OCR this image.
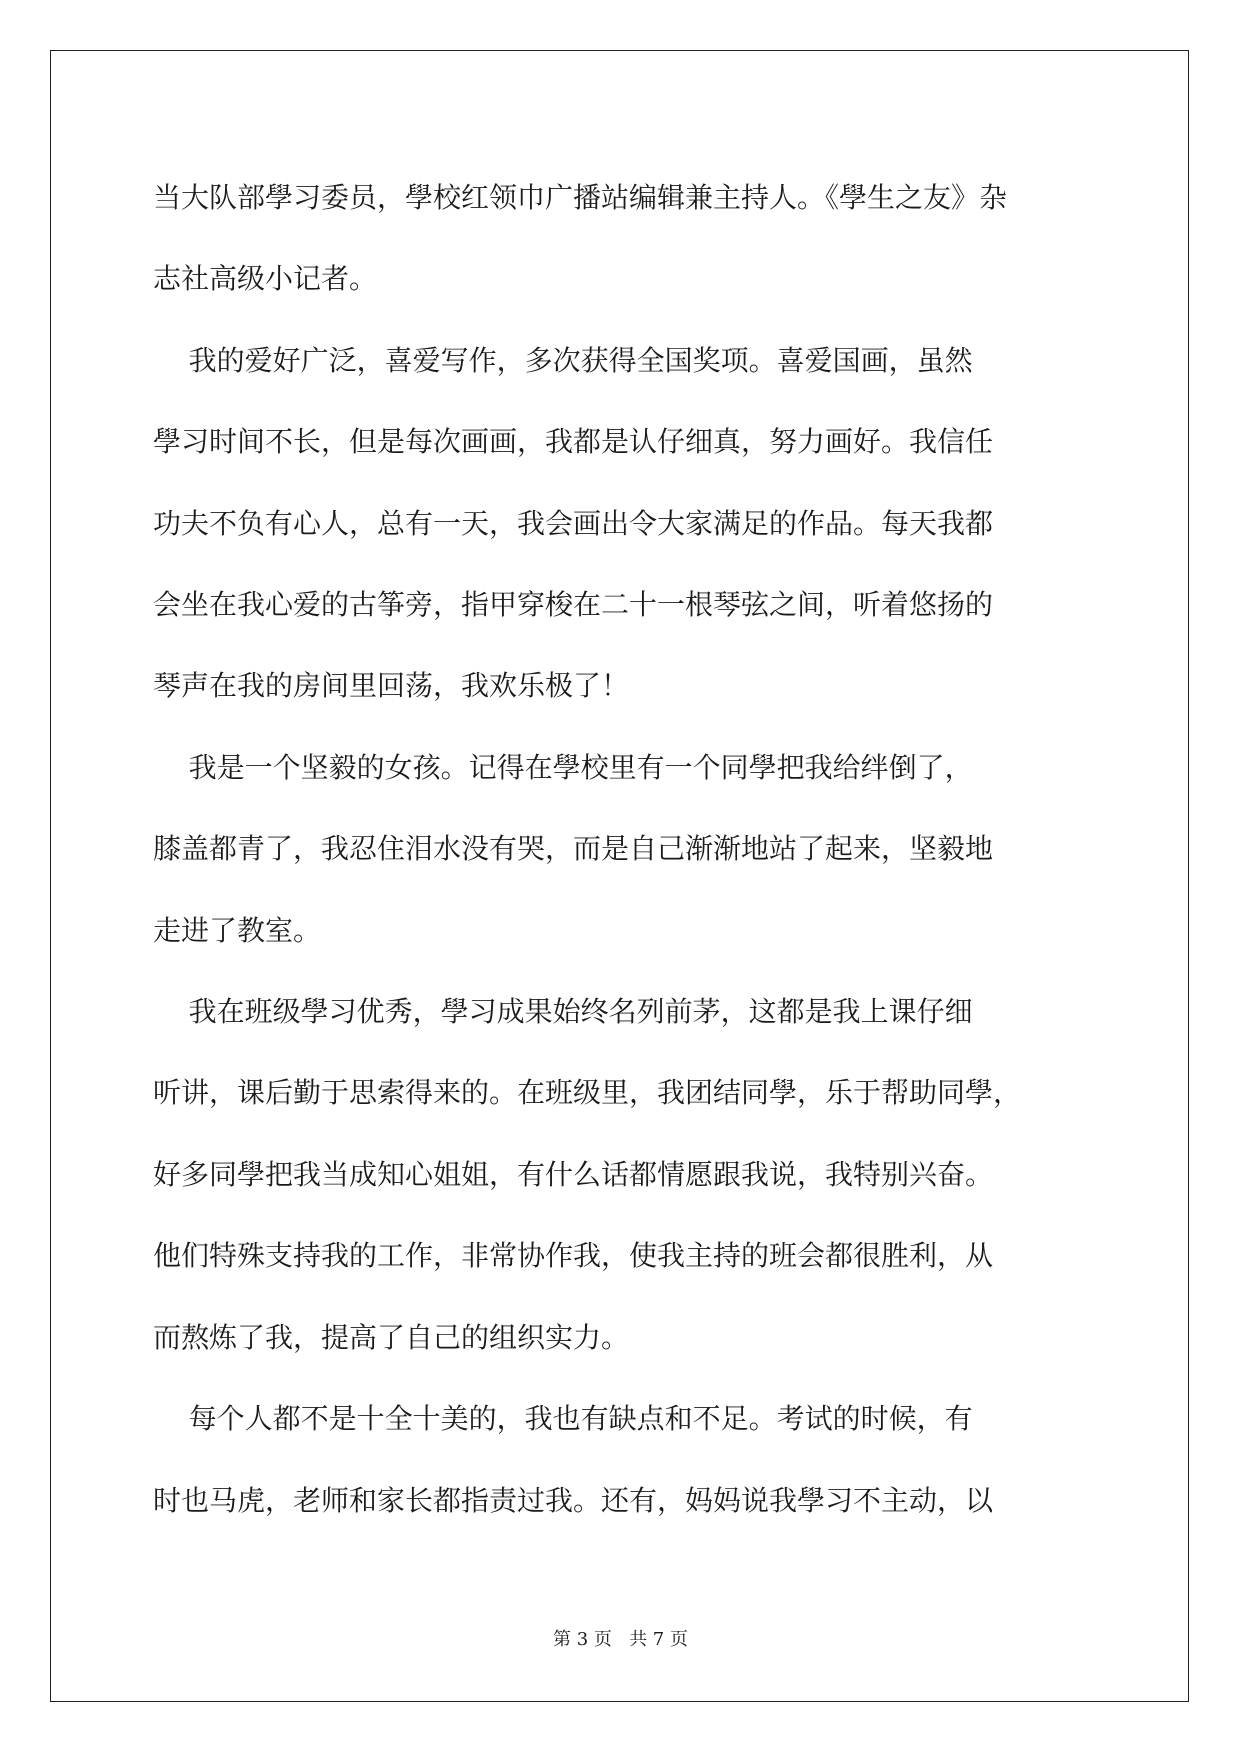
当大队部學习委员，學校红领巾广播站编辑兼主持人。《學生之友》杂

志社高级小记者。

我的爱好广泛，喜爱写作，多次获得全国奖项。喜爱国画，虽然

學习时间不长，但是每次画画，我都是认仔细真，努力画好。我信任

功夫不负有心人，总有一天，我会画出令大家满足的作品。每天我都

会坐在我心爱的古筝旁，指甲穿梭在二十一根琴弦之间，听着悠扬的

琴声在我的房间里回荡，我欢乐极了！

我是一个坚毅的女孩。记得在學校里有一个同學把我给绊倒了，

膝盖都青了，我忍住泪水没有哭，而是自己渐渐地站了起来，坚毅地

走进了教室。

我在班级學习优秀，學习成果始终名列前茅，这都是我上课仔细

听讲，课后勤于思索得来的。在班级里，我团结同學，乐于帮助同學，

好多同學把我当成知心姐姐，有什么话都情愿跟我说，我特别兴奋。

他们特殊支持我的工作，非常协作我，使我主持的班会都很胜利，从

而熬炼了我，提高了自己的组织实力。

每个人都不是十全十美的，我也有缺点和不足。考试的时候，有

时也马虎，老师和家长都指责过我。还有，妈妈说我學习不主动，以

第 3 页 共 7 页
